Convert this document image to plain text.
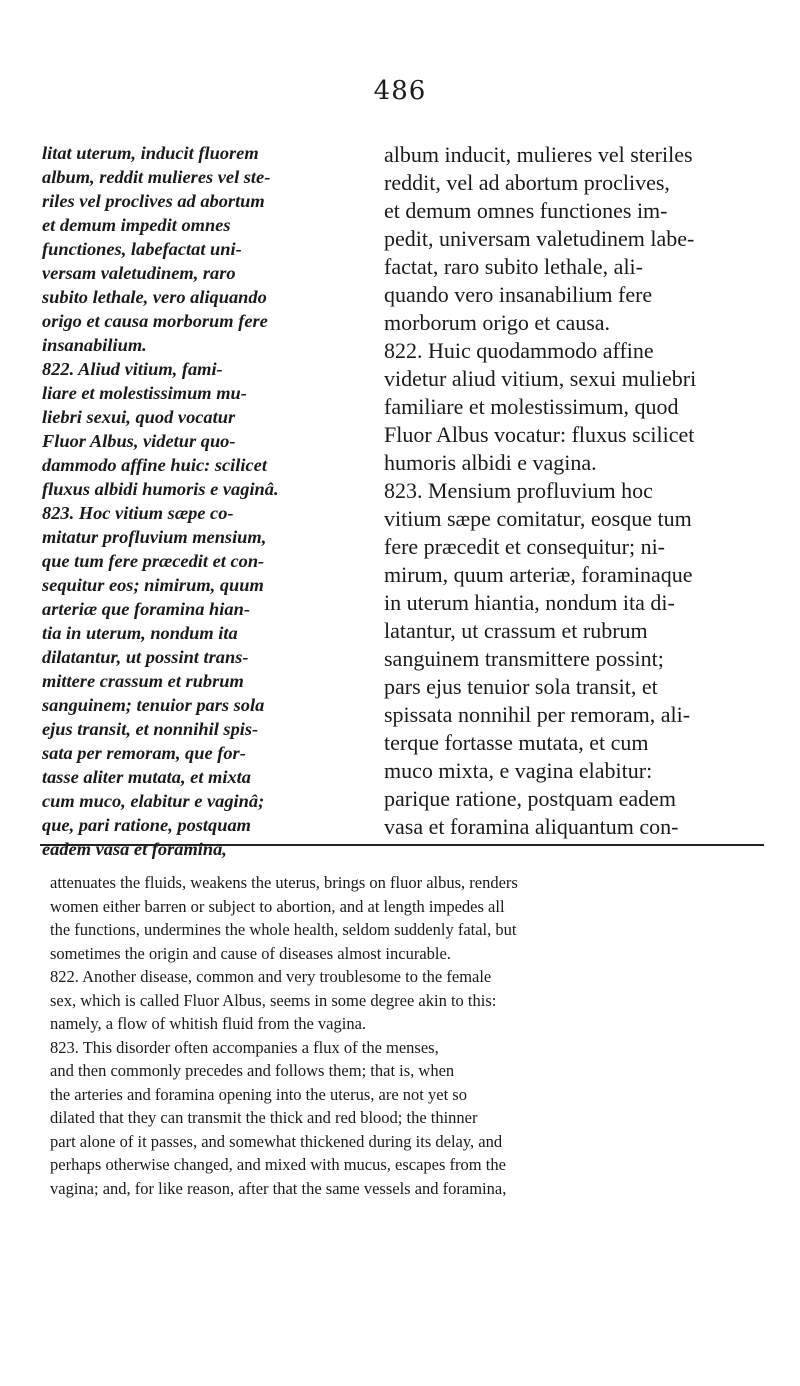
486
litat uterum, inducit fluorem
album, reddit mulieres vel ste-
riles vel proclives ad abortum
et demum impedit omnes
functiones, labefactat uni-
versam valetudinem, raro
subito lethale, vero aliquando
origo et causa morborum fere
insanabilium.
822. Aliud vitium, fami-
liare et molestissimum mu-
liebri sexui, quod vocatur
Fluor Albus, videtur quo-
dammodo affine huic: scilicet
fluxus albidi humoris e vaginâ.
823. Hoc vitium sæpe co-
mitatur profluvium mensium,
que tum fere præcedit et con-
sequitur eos; nimirum, quum
arteriæ que foramina hian-
tia in uterum, nondum ita
dilatantur, ut possint trans-
mittere crassum et rubrum
sanguinem; tenuior pars sola
ejus transit, et nonnihil spis-
sata per remoram, que for-
tasse aliter mutata, et mixta
cum muco, elabitur e vaginâ;
que, pari ratione, postquam
eadem vasa et foramina,
album inducit, mulieres vel steriles
reddit, vel ad abortum proclives,
et demum omnes functiones im-
pedit, universam valetudinem labe-
factat, raro subito lethale, ali-
quando vero insanabilium fere
morborum origo et causa.
822. Huic quodammodo affine
videtur aliud vitium, sexui muliebri
familiare et molestissimum, quod
Fluor Albus vocatur: fluxus scilicet
humoris albidi e vagina.
823. Mensium profluvium hoc
vitium sæpe comitatur, eosque tum
fere præcedit et consequitur; ni-
mirum, quum arteriæ, foraminaque
in uterum hiantia, nondum ita di-
latantur, ut crassum et rubrum
sanguinem transmittere possint;
pars ejus tenuior sola transit, et
spissata nonnihil per remoram, ali-
terque fortasse mutata, et cum
muco mixta, e vagina elabitur:
parique ratione, postquam eadem
vasa et foramina aliquantum con-
attenuates the fluids, weakens the uterus, brings on fluor albus, renders
women either barren or subject to abortion, and at length impedes all
the functions, undermines the whole health, seldom suddenly fatal, but
sometimes the origin and cause of diseases almost incurable.
822. Another disease, common and very troublesome to the female
sex, which is called Fluor Albus, seems in some degree akin to this:
namely, a flow of whitish fluid from the vagina.
823. This disorder often accompanies a flux of the menses,
and then commonly precedes and follows them; that is, when
the arteries and foramina opening into the uterus, are not yet so
dilated that they can transmit the thick and red blood; the thinner
part alone of it passes, and somewhat thickened during its delay, and
perhaps otherwise changed, and mixed with mucus, escapes from the
vagina; and, for like reason, after that the same vessels and foramina,
